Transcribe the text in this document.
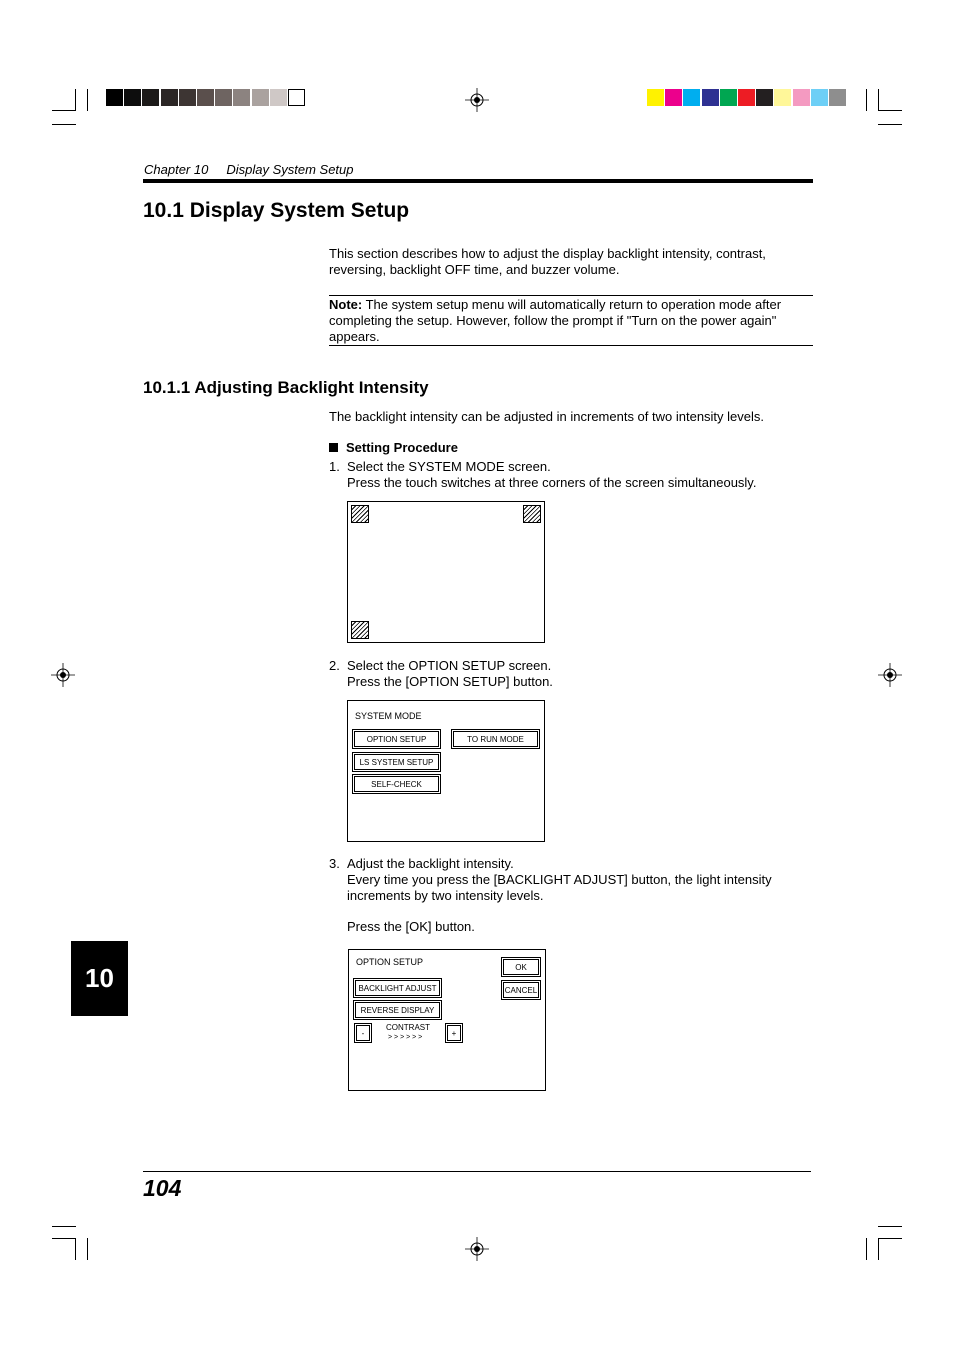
Chapter 10 Display System Setup
10.1 Display System Setup

This section describes how to adjust the display backlight intensity, contrast, reversing, backlight OFF time, and buzzer volume.

Note: The system setup menu will automatically return to operation mode after completing the setup. However, follow the prompt if "Turn on the power again" appears.

10.1.1 Adjusting Backlight Intensity

The backlight intensity can be adjusted in increments of two intensity levels.

Setting Procedure
1. Select the SYSTEM MODE screen.
Press the touch switches at three corners of the screen simultaneously.

2. Select the OPTION SETUP screen.
Press the [OPTION SETUP] button.

SYSTEM MODE
OPTION SETUP	TO RUN MODE
LS SYSTEM SETUP
SELF-CHECK
3. Adjust the backlight intensity.
Every time you press the [BACKLIGHT ADJUST] button, the light intensity increments by two intensity levels.

Press the [OK] button.

OPTION SETUP
BACKLIGHT ADJUST
REVERSE DISPLAY
OK
CANCEL
-	+
CONTRAST
> > > > > >
10
104
